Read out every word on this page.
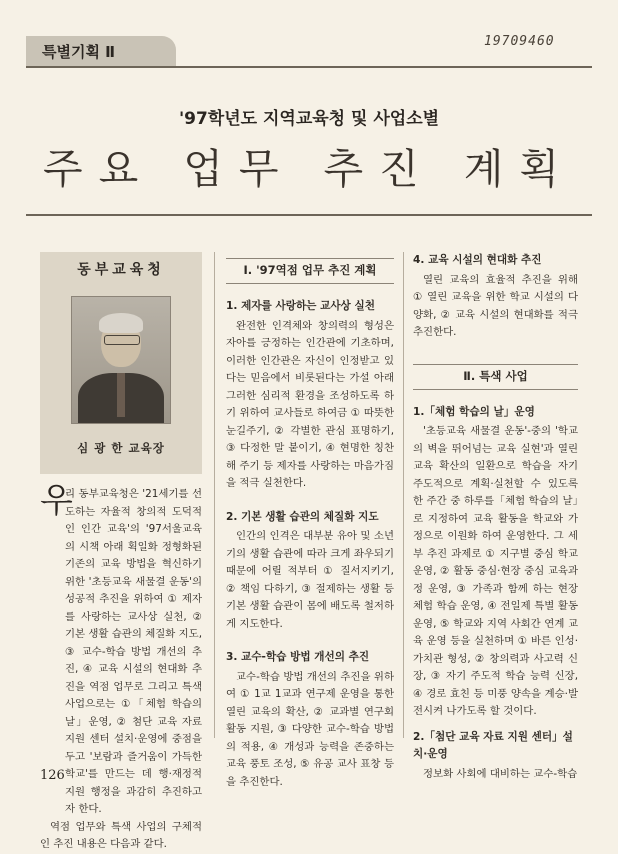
특별기획 Ⅱ
19709460
'97학년도 지역교육청 및 사업소별
주요 업무 추진 계획
동부교육청
심 광 한 교육장

우
리 동부교육청은 '21세기를 선도하는 자율적 창의적 도덕적인 인간 교육'의 '97서울교육의 시책 아래 획일화 정형화된 기존의 교육 방법을 혁신하기 위한 '초등교육 새물결 운동'의 성공적 추진을 위하여 ① 제자를 사랑하는 교사상 실천, ② 기본 생활 습관의 체질화 지도, ③ 교수-학습 방법 개선의 추진, ④ 교육 시설의 현대화 추진을 역점 업무로 그리고 특색 사업으로는 ①「체험 학습의 날」운영, ② 첨단 교육 자료 지원 센터 설치·운영에 중점을 두고 '보람과 즐거움이 가득한 학교'를 만드는 데 행·재정적 지원 행정을 과감히 추진하고자 한다.

역점 업무와 특색 사업의 구체적인 추진 내용은 다음과 같다.

Ⅰ. '97역점 업무 추진 계획
1. 제자를 사랑하는 교사상 실천

완전한 인격체와 창의력의 형성은 자아를 긍정하는 인간관에 기초하며, 이러한 인간관은 자신이 인정받고 있다는 믿음에서 비롯된다는 가설 아래 그러한 심리적 환경을 조성하도록 하기 위하여 교사들로 하여금 ① 따뜻한 눈길주기, ② 각별한 관심 표명하기, ③ 다정한 말 붙이기, ④ 현명한 칭찬해 주기 등 제자를 사랑하는 마음가짐을 적극 실천한다.

2. 기본 생활 습관의 체질화 지도

인간의 인격은 대부분 유아 및 소년기의 생활 습관에 따라 크게 좌우되기 때문에 어릴 적부터 ① 질서지키기, ② 책임 다하기, ③ 절제하는 생활 등 기본 생활 습관이 몸에 배도록 철저하게 지도한다.

3. 교수-학습 방법 개선의 추진

교수-학습 방법 개선의 추진을 위하여 ① 1교 1교과 연구제 운영을 통한 열린 교육의 확산, ② 교과별 연구회 활동 지원, ③ 다양한 교수-학습 방법의 적용, ④ 개성과 능력을 존중하는 교육 풍토 조성, ⑤ 유공 교사 표창 등을 추진한다.

4. 교육 시설의 현대화 추진

열린 교육의 효율적 추진을 위해 ① 열린 교육을 위한 학교 시설의 다양화, ② 교육 시설의 현대화를 적극 추진한다.

Ⅱ. 특색 사업
1.「체험 학습의 날」운영

'초등교육 새물결 운동'-중의 '학교의 벽을 뛰어넘는 교육 실현'과 열린 교육 확산의 일환으로 학습을 자기 주도적으로 계획·실천할 수 있도록 한 주간 중 하루를「체험 학습의 날」로 지정하여 교육 활동을 학교와 가정으로 이원화 하여 운영한다. 그 세부 추진 과제로 ① 지구별 중심 학교 운영, ② 활동 중심·현장 중심 교육과정 운영, ③ 가족과 함께 하는 현장 체험 학습 운영, ④ 전일제 특별 활동 운영, ⑤ 학교와 지역 사회간 연계 교육 운영 등을 실천하며 ① 바른 인성·가치관 형성, ② 창의력과 사고력 신장, ③ 자기 주도적 학습 능력 신장, ④ 경로 효친 등 미풍 양속을 계승·발전시켜 나가도록 할 것이다.

2.「첨단 교육 자료 지원 센터」설치·운영

정보화 사회에 대비하는 교수-학습

126
